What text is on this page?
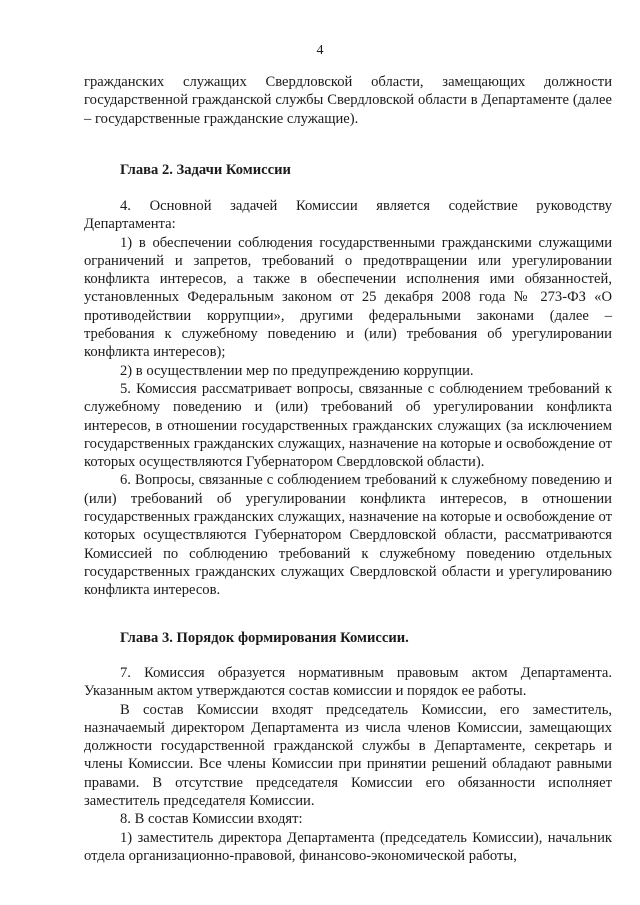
4

гражданских служащих Свердловской области, замещающих должности государственной гражданской службы Свердловской области в Департаменте (далее – государственные гражданские служащие).

Глава 2. Задачи Комиссии

4. Основной задачей Комиссии является содействие руководству Департамента:

1) в обеспечении соблюдения государственными гражданскими служащими ограничений и запретов, требований о предотвращении или урегулировании конфликта интересов, а также в обеспечении исполнения ими обязанностей, установленных Федеральным законом от 25 декабря 2008 года № 273-ФЗ «О противодействии коррупции», другими федеральными законами (далее – требования к служебному поведению и (или) требования об урегулировании конфликта интересов);

2) в осуществлении мер по предупреждению коррупции.

5. Комиссия рассматривает вопросы, связанные с соблюдением требований к служебному поведению и (или) требований об урегулировании конфликта интересов, в отношении государственных гражданских служащих (за исключением государственных гражданских служащих, назначение на которые и освобождение от которых осуществляются Губернатором Свердловской области).

6. Вопросы, связанные с соблюдением требований к служебному поведению и (или) требований об урегулировании конфликта интересов, в отношении государственных гражданских служащих, назначение на которые и освобождение от которых осуществляются Губернатором Свердловской области, рассматриваются Комиссией по соблюдению требований к служебному поведению отдельных государственных гражданских служащих Свердловской области и урегулированию конфликта интересов.

Глава 3. Порядок формирования Комиссии.

7. Комиссия образуется нормативным правовым актом Департамента. Указанным актом утверждаются состав комиссии и порядок ее работы.

В состав Комиссии входят председатель Комиссии, его заместитель, назначаемый директором Департамента из числа членов Комиссии, замещающих должности государственной гражданской службы в Департаменте, секретарь и члены Комиссии. Все члены Комиссии при принятии решений обладают равными правами. В отсутствие председателя Комиссии его обязанности исполняет заместитель председателя Комиссии.

8. В состав Комиссии входят:

1) заместитель директора Департамента (председатель Комиссии), начальник отдела организационно-правовой, финансово-экономической работы,
